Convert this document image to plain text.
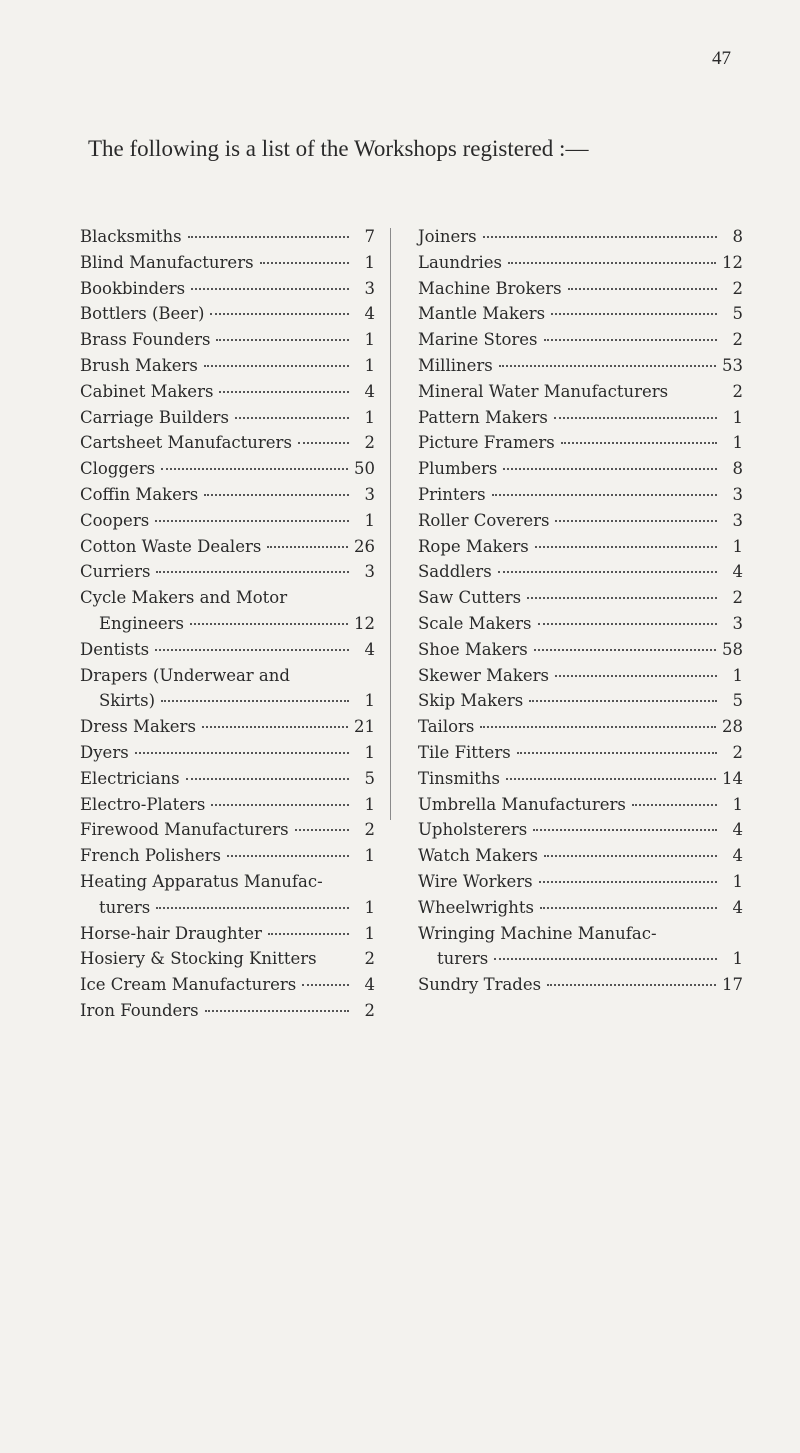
47
The following is a list of the Workshops registered :—
Blacksmiths	7
Blind Manufacturers	1
Bookbinders	3
Bottlers (Beer)	4
Brass Founders	1
Brush Makers	1
Cabinet Makers	4
Carriage Builders	1
Cartsheet Manufacturers	2
Cloggers	50
Coffin Makers	3
Coopers	1
Cotton Waste Dealers	26
Curriers	3
Cycle Makers and Motor
Engineers	12
Dentists	4
Drapers (Underwear and
Skirts)	1
Dress Makers	21
Dyers	1
Electricians	5
Electro-Platers	1
Firewood Manufacturers	2
French Polishers	1
Heating Apparatus Manufac-
turers	1
Horse-hair Draughter	1
Hosiery & Stocking Knitters	2
Ice Cream Manufacturers	4
Iron Founders	2
Joiners	8
Laundries	12
Machine Brokers	2
Mantle Makers	5
Marine Stores	2
Milliners	53
Mineral Water Manufacturers	2
Pattern Makers	1
Picture Framers	1
Plumbers	8
Printers	3
Roller Coverers	3
Rope Makers	1
Saddlers	4
Saw Cutters	2
Scale Makers	3
Shoe Makers	58
Skewer Makers	1
Skip Makers	5
Tailors	28
Tile Fitters	2
Tinsmiths	14
Umbrella Manufacturers	1
Upholsterers	4
Watch Makers	4
Wire Workers	1
Wheelwrights	4
Wringing Machine Manufac-
turers	1
Sundry Trades	17
